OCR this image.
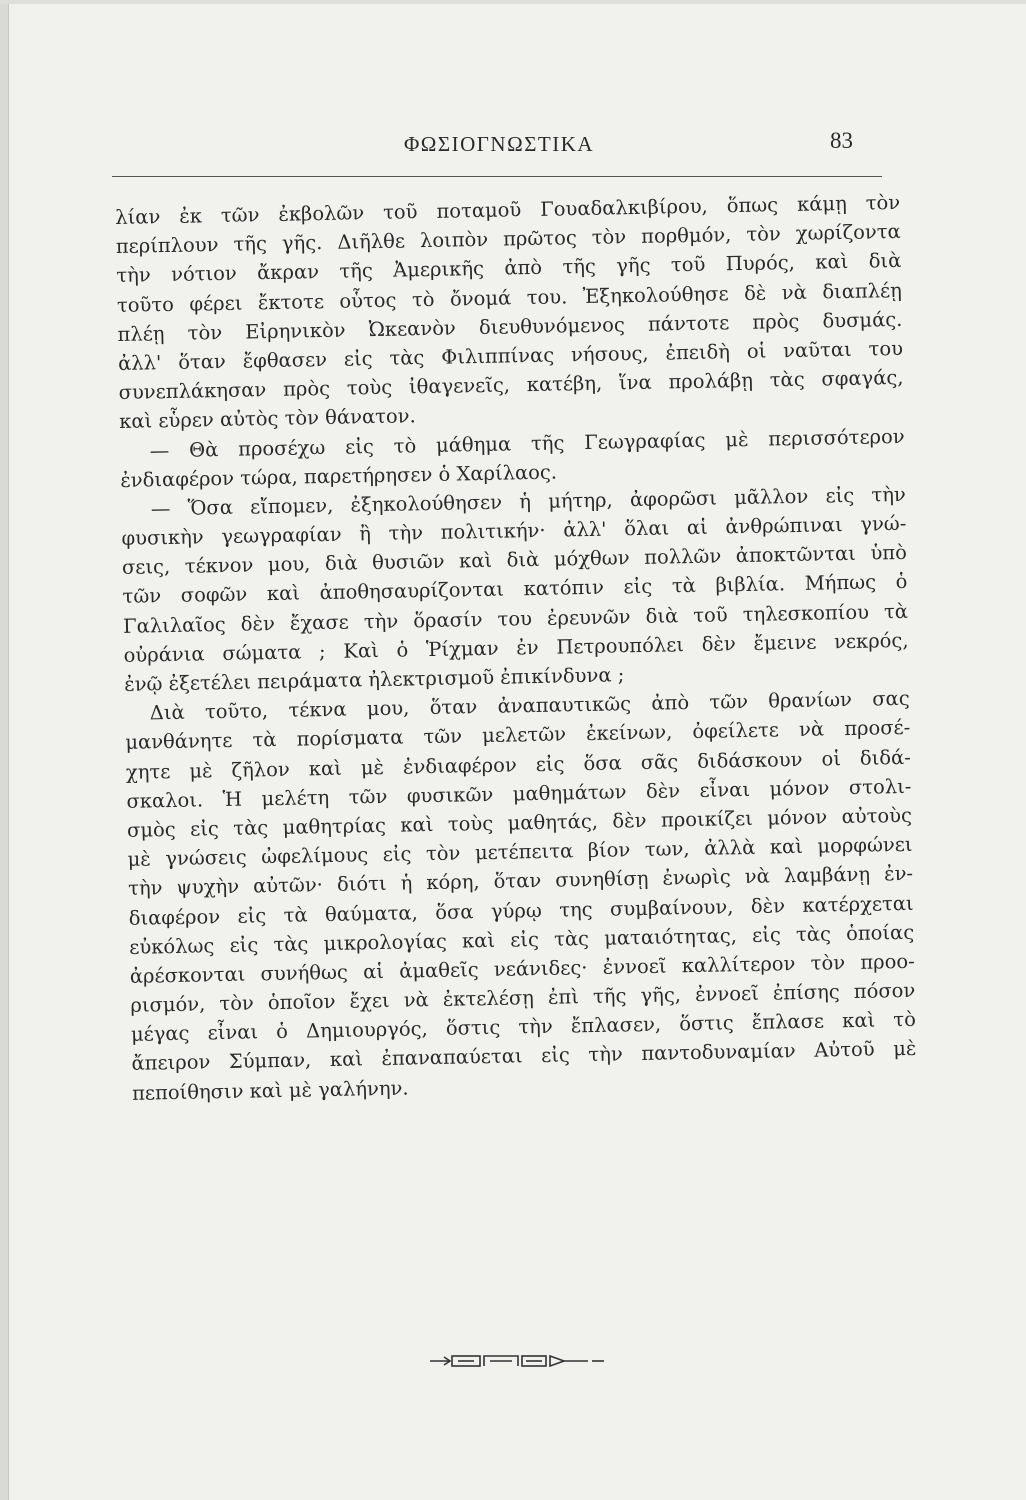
ΦΩΣΙΟΓΝΩΣΤΙΚΑ	83
λίαν ἐκ τῶν ἐκβολῶν τοῦ ποταμοῦ Γουαδαλκιβίρου, ὅπως κάμῃ τὸν
περίπλουν τῆς γῆς. Διῆλθε λοιπὸν πρῶτος τὸν πορθμόν, τὸν χωρίζοντα
τὴν νότιον ἄκραν τῆς Ἀμερικῆς ἀπὸ τῆς γῆς τοῦ Πυρός, καὶ διὰ
τοῦτο φέρει ἔκτοτε οὗτος τὸ ὄνομά του. Ἐξηκολούθησε δὲ νὰ διαπλέῃ
πλέῃ τὸν Εἰρηνικὸν Ὠκεανὸν διευθυνόμενος πάντοτε πρὸς δυσμάς.
ἀλλ' ὅταν ἔφθασεν εἰς τὰς Φιλιππίνας νήσους, ἐπειδὴ οἱ ναῦται του
συνεπλάκησαν πρὸς τοὺς ἰθαγενεῖς, κατέβη, ἵνα προλάβῃ τὰς σφαγάς,
καὶ εὗρεν αὐτὸς τὸν θάνατον.
— Θὰ προσέχω εἰς τὸ μάθημα τῆς Γεωγραφίας μὲ περισσότερον
ἐνδιαφέρον τώρα, παρετήρησεν ὁ Χαρίλαος.
— Ὅσα εἴπομεν, ἐξηκολούθησεν ἡ μήτηρ, ἀφορῶσι μᾶλλον εἰς τὴν
φυσικὴν γεωγραφίαν ἢ τὴν πολιτικήν· ἀλλ' ὅλαι αἱ ἀνθρώπιναι γνώ-
σεις, τέκνον μου, διὰ θυσιῶν καὶ διὰ μόχθων πολλῶν ἀποκτῶνται ὑπὸ
τῶν σοφῶν καὶ ἀποθησαυρίζονται κατόπιν εἰς τὰ βιβλία. Μήπως ὁ
Γαλιλαῖος δὲν ἔχασε τὴν ὅρασίν του ἐρευνῶν διὰ τοῦ τηλεσκοπίου τὰ
οὐράνια σώματα ; Καὶ ὁ Ῥίχμαν ἐν Πετρουπόλει δὲν ἔμεινε νεκρός,
ἐνῷ ἐξετέλει πειράματα ἠλεκτρισμοῦ ἐπικίνδυνα ;
Διὰ τοῦτο, τέκνα μου, ὅταν ἀναπαυτικῶς ἀπὸ τῶν θρανίων σας
μανθάνητε τὰ πορίσματα τῶν μελετῶν ἐκείνων, ὀφείλετε νὰ προσέ-
χητε μὲ ζῆλον καὶ μὲ ἐνδιαφέρον εἰς ὅσα σᾶς διδάσκουν οἱ διδά-
σκαλοι. Ἡ μελέτη τῶν φυσικῶν μαθημάτων δὲν εἶναι μόνον στολι-
σμὸς εἰς τὰς μαθητρίας καὶ τοὺς μαθητάς, δὲν προικίζει μόνον αὐτοὺς
μὲ γνώσεις ὠφελίμους εἰς τὸν μετέπειτα βίον των, ἀλλὰ καὶ μορφώνει
τὴν ψυχὴν αὐτῶν· διότι ἡ κόρη, ὅταν συνηθίσῃ ἐνωρὶς νὰ λαμβάνῃ ἐν-
διαφέρον εἰς τὰ θαύματα, ὅσα γύρῳ της συμβαίνουν, δὲν κατέρχεται
εὐκόλως εἰς τὰς μικρολογίας καὶ εἰς τὰς ματαιότητας, εἰς τὰς ὁποίας
ἀρέσκονται συνήθως αἱ ἀμαθεῖς νεάνιδες· ἐννοεῖ καλλίτερον τὸν προο-
ρισμόν, τὸν ὁποῖον ἔχει νὰ ἐκτελέσῃ ἐπὶ τῆς γῆς, ἐννοεῖ ἐπίσης πόσον
μέγας εἶναι ὁ Δημιουργός, ὅστις τὴν ἔπλασεν, ὅστις ἔπλασε καὶ τὸ
ἄπειρον Σύμπαν, καὶ ἐπαναπαύεται εἰς τὴν παντοδυναμίαν Αὐτοῦ μὲ
πεποίθησιν καὶ μὲ γαλήνην.
